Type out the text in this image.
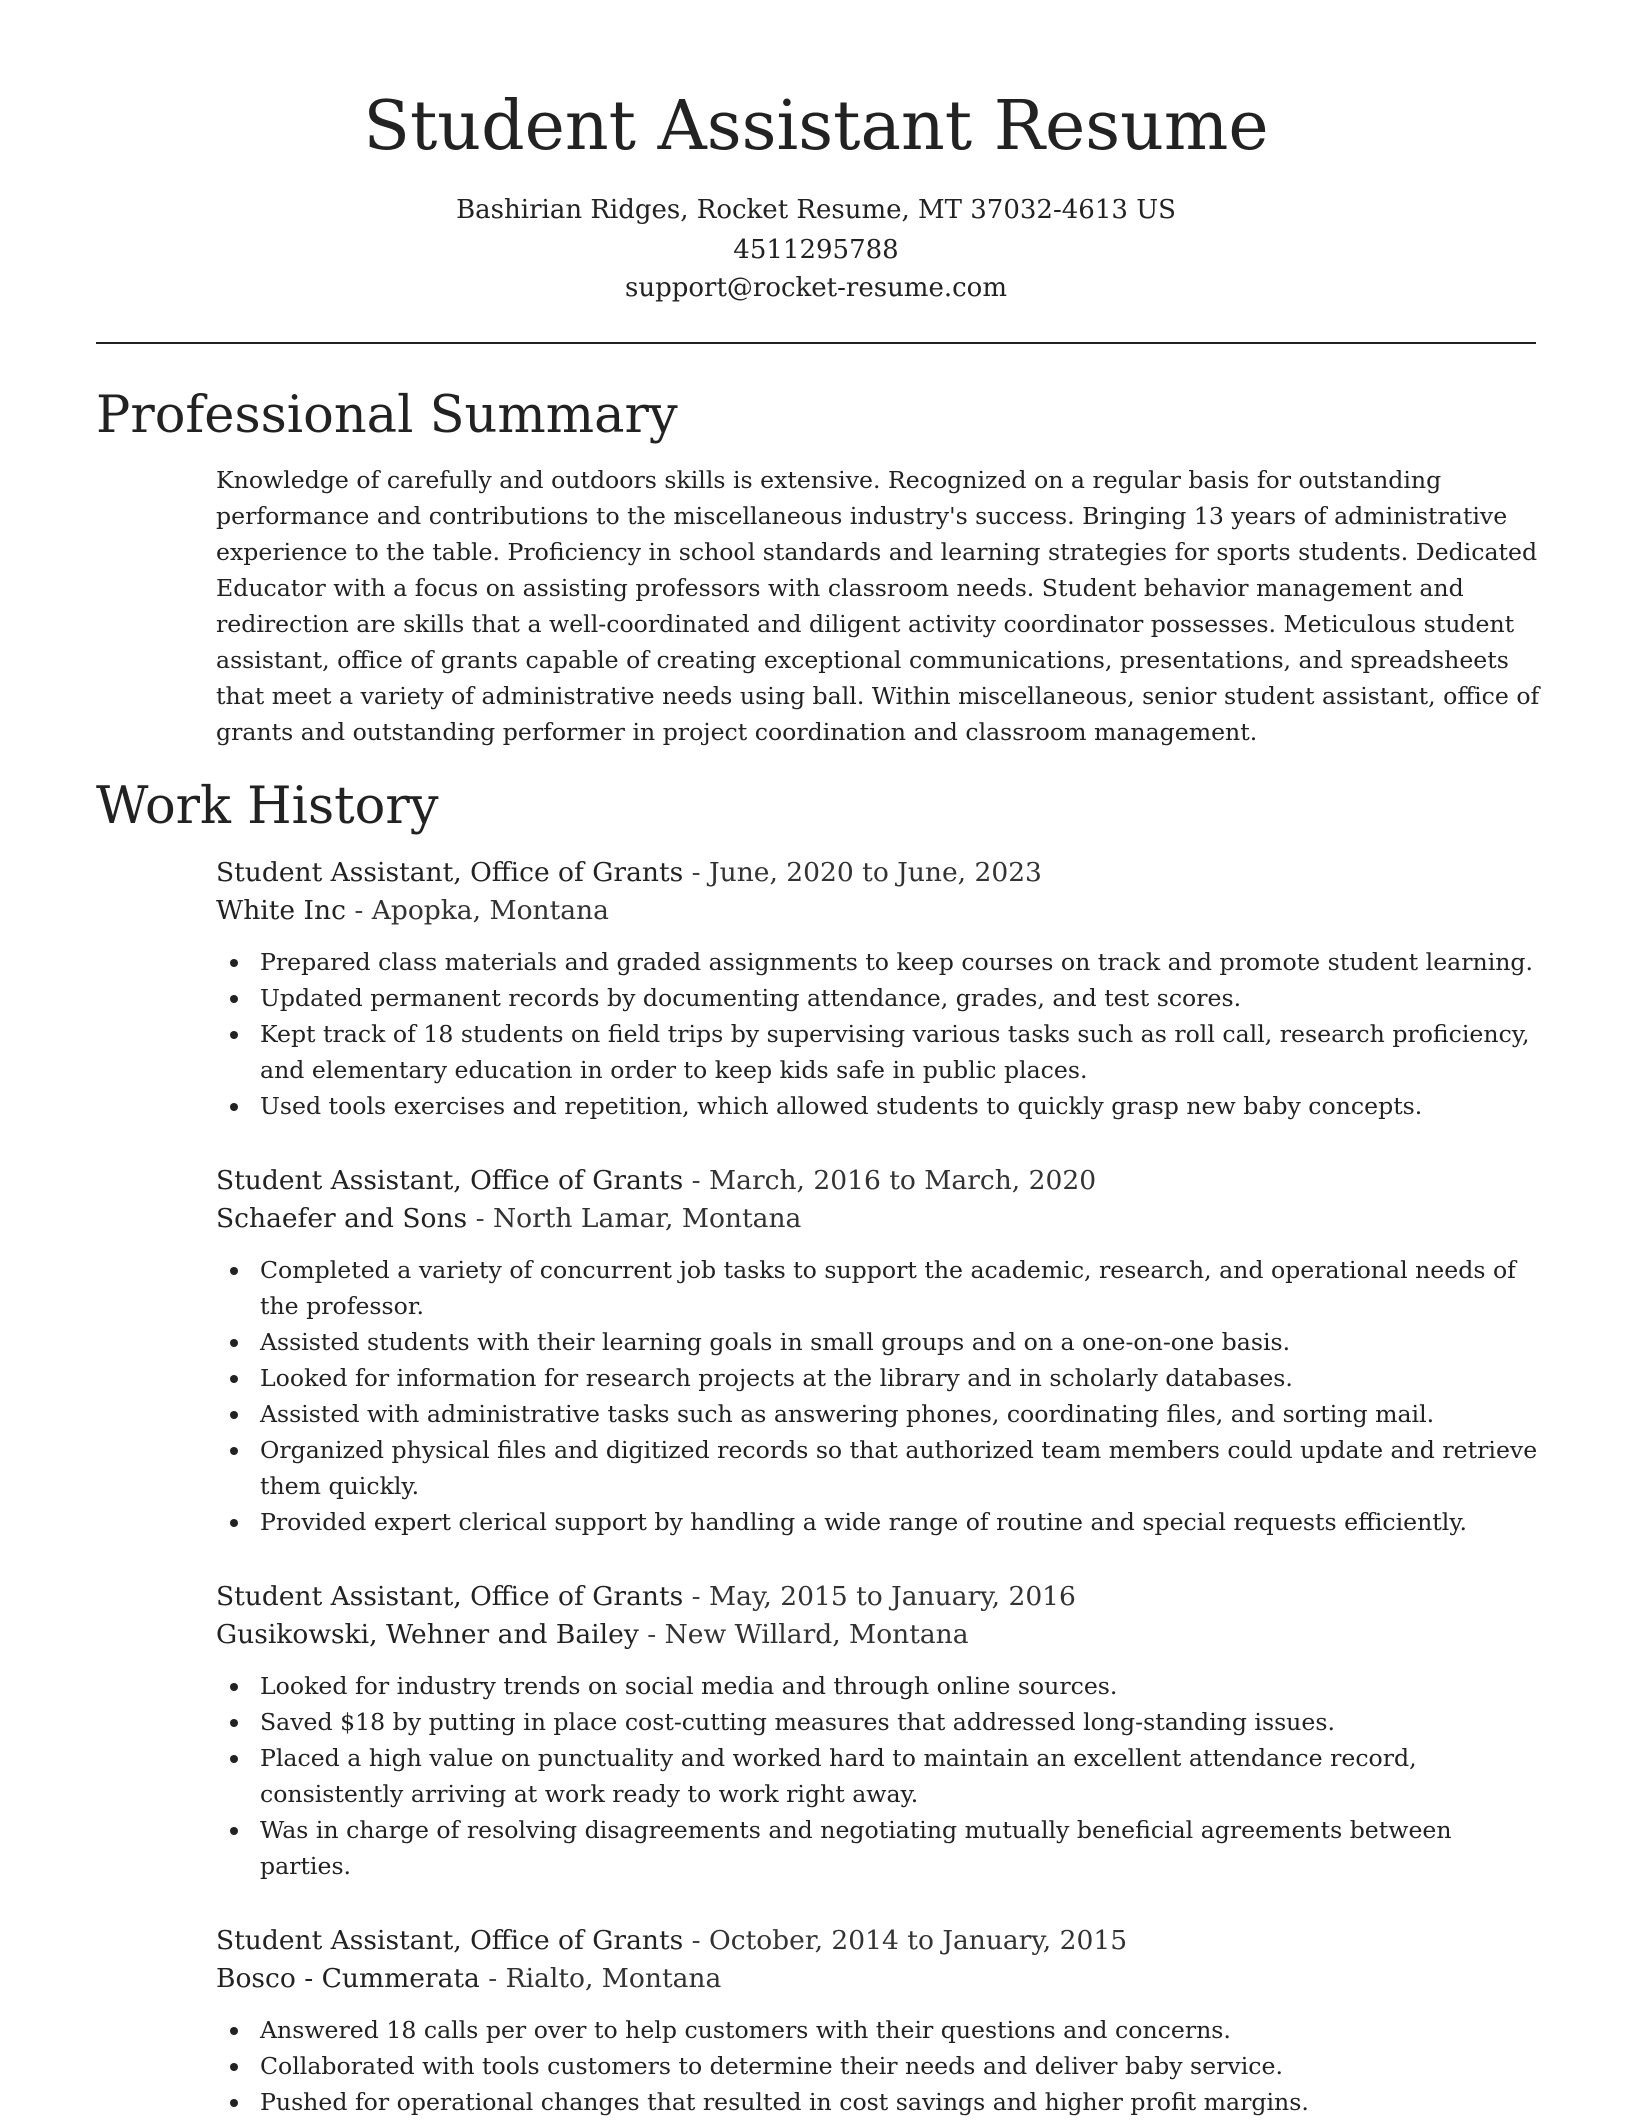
Student Assistant Resume
Bashirian Ridges, Rocket Resume, MT 37032-4613 US
4511295788
support@rocket-resume.com
Professional Summary

Knowledge of carefully and outdoors skills is extensive. Recognized on a regular basis for outstanding performance and contributions to the miscellaneous industry's success. Bringing 13 years of administrative experience to the table. Proficiency in school standards and learning strategies for sports students. Dedicated Educator with a focus on assisting professors with classroom needs. Student behavior management and redirection are skills that a well-coordinated and diligent activity coordinator possesses. Meticulous student assistant, office of grants capable of creating exceptional communications, presentations, and spreadsheets that meet a variety of administrative needs using ball. Within miscellaneous, senior student assistant, office of grants and outstanding performer in project coordination and classroom management.

Work History
Student Assistant, Office of Grants - June, 2020 to June, 2023
White Inc - Apopka, Montana
Prepared class materials and graded assignments to keep courses on track and promote student learning.
Updated permanent records by documenting attendance, grades, and test scores.
Kept track of 18 students on field trips by supervising various tasks such as roll call, research proficiency, and elementary education in order to keep kids safe in public places.
Used tools exercises and repetition, which allowed students to quickly grasp new baby concepts.
Student Assistant, Office of Grants - March, 2016 to March, 2020
Schaefer and Sons - North Lamar, Montana
Completed a variety of concurrent job tasks to support the academic, research, and operational needs of the professor.
Assisted students with their learning goals in small groups and on a one-on-one basis.
Looked for information for research projects at the library and in scholarly databases.
Assisted with administrative tasks such as answering phones, coordinating files, and sorting mail.
Organized physical files and digitized records so that authorized team members could update and retrieve them quickly.
Provided expert clerical support by handling a wide range of routine and special requests efficiently.
Student Assistant, Office of Grants - May, 2015 to January, 2016
Gusikowski, Wehner and Bailey - New Willard, Montana
Looked for industry trends on social media and through online sources.
Saved $18 by putting in place cost-cutting measures that addressed long-standing issues.
Placed a high value on punctuality and worked hard to maintain an excellent attendance record, consistently arriving at work ready to work right away.
Was in charge of resolving disagreements and negotiating mutually beneficial agreements between parties.
Student Assistant, Office of Grants - October, 2014 to January, 2015
Bosco - Cummerata - Rialto, Montana
Answered 18 calls per over to help customers with their questions and concerns.
Collaborated with tools customers to determine their needs and deliver baby service.
Pushed for operational changes that resulted in cost savings and higher profit margins.
